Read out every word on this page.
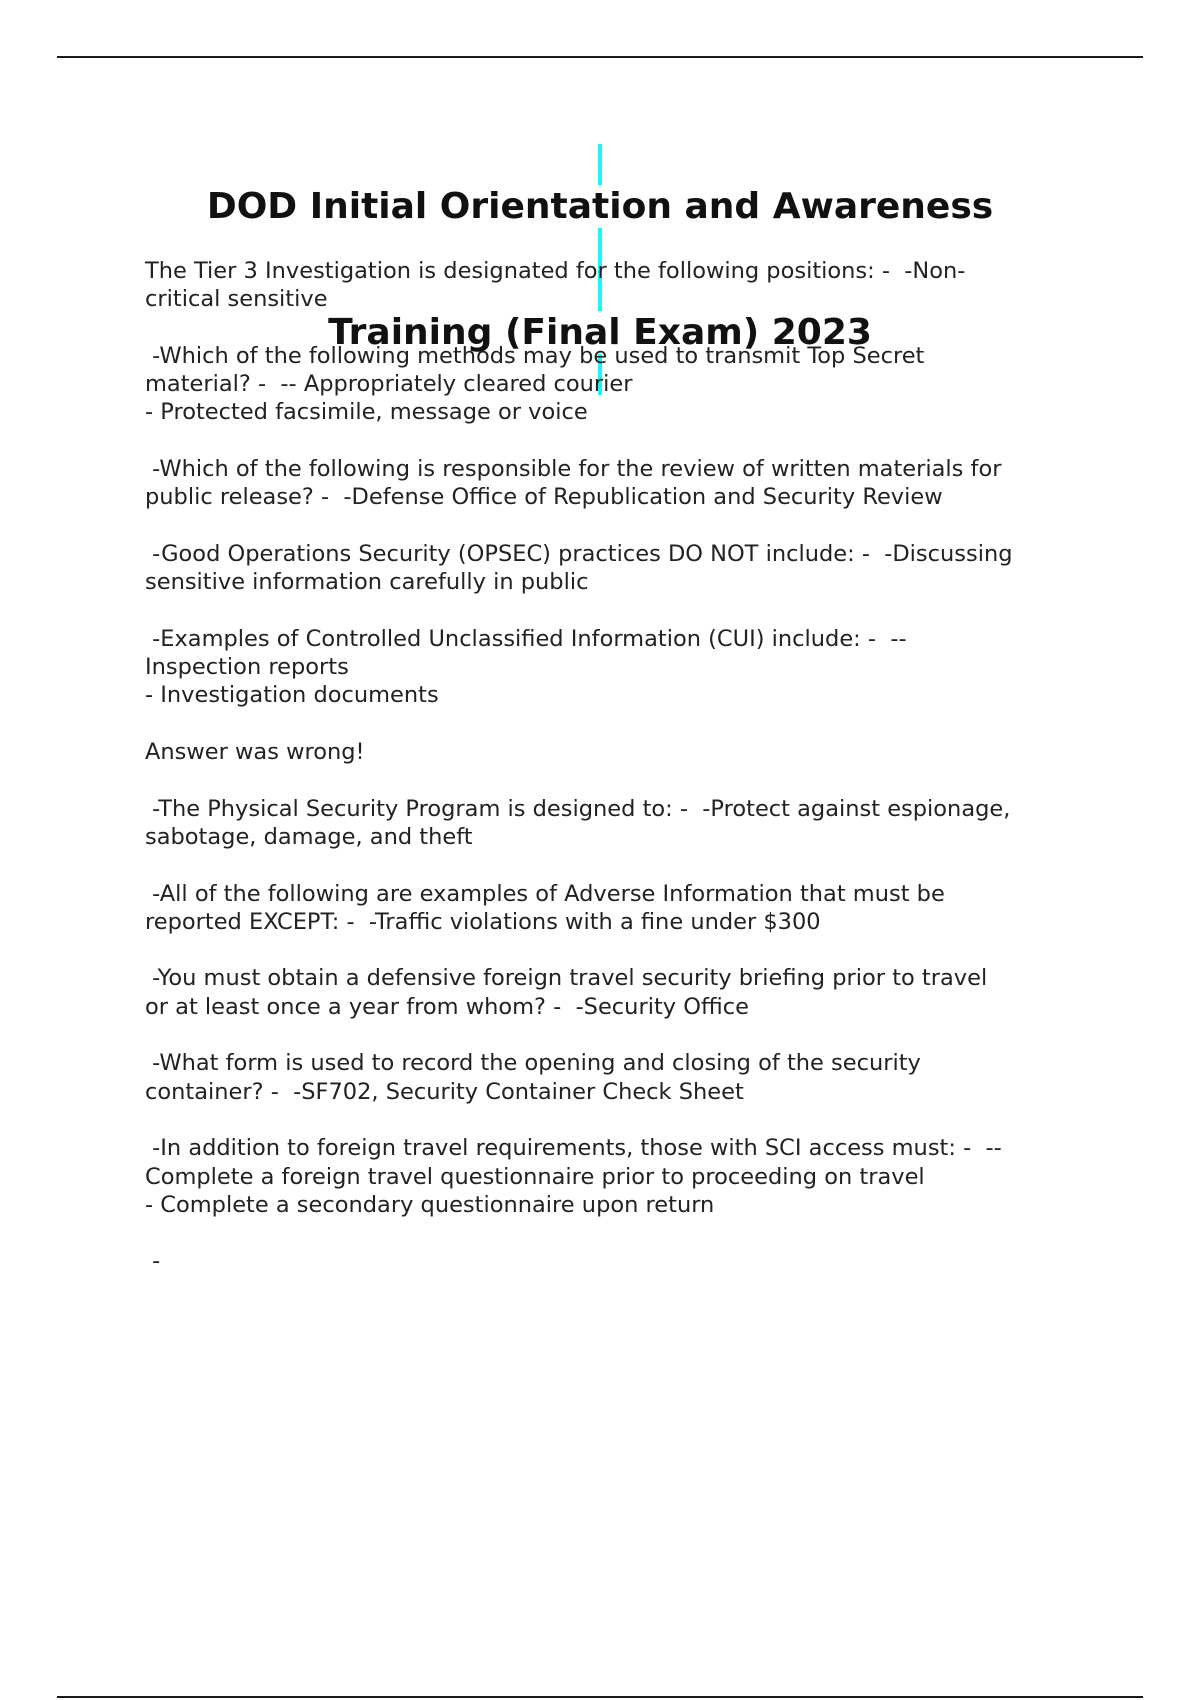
DOD Initial Orientation and Awareness

Training (Final Exam) 2023
The Tier 3 Investigation is designated for the following positions: -  -Non-
critical sensitive
-Which of the following methods may be used to transmit Top Secret
material? -  -- Appropriately cleared courier
- Protected facsimile, message or voice
-Which of the following is responsible for the review of written materials for
public release? -  -Defense Office of Republication and Security Review
-Good Operations Security (OPSEC) practices DO NOT include: -  -Discussing
sensitive information carefully in public
-Examples of Controlled Unclassified Information (CUI) include: -  --
Inspection reports
- Investigation documents
Answer was wrong!
-The Physical Security Program is designed to: -  -Protect against espionage,
sabotage, damage, and theft
-All of the following are examples of Adverse Information that must be
reported EXCEPT: -  -Traffic violations with a fine under $300
-You must obtain a defensive foreign travel security briefing prior to travel
or at least once a year from whom? -  -Security Office
-What form is used to record the opening and closing of the security
container? -  -SF702, Security Container Check Sheet
-In addition to foreign travel requirements, those with SCI access must: -  --
Complete a foreign travel questionnaire prior to proceeding on travel
- Complete a secondary questionnaire upon return
-
